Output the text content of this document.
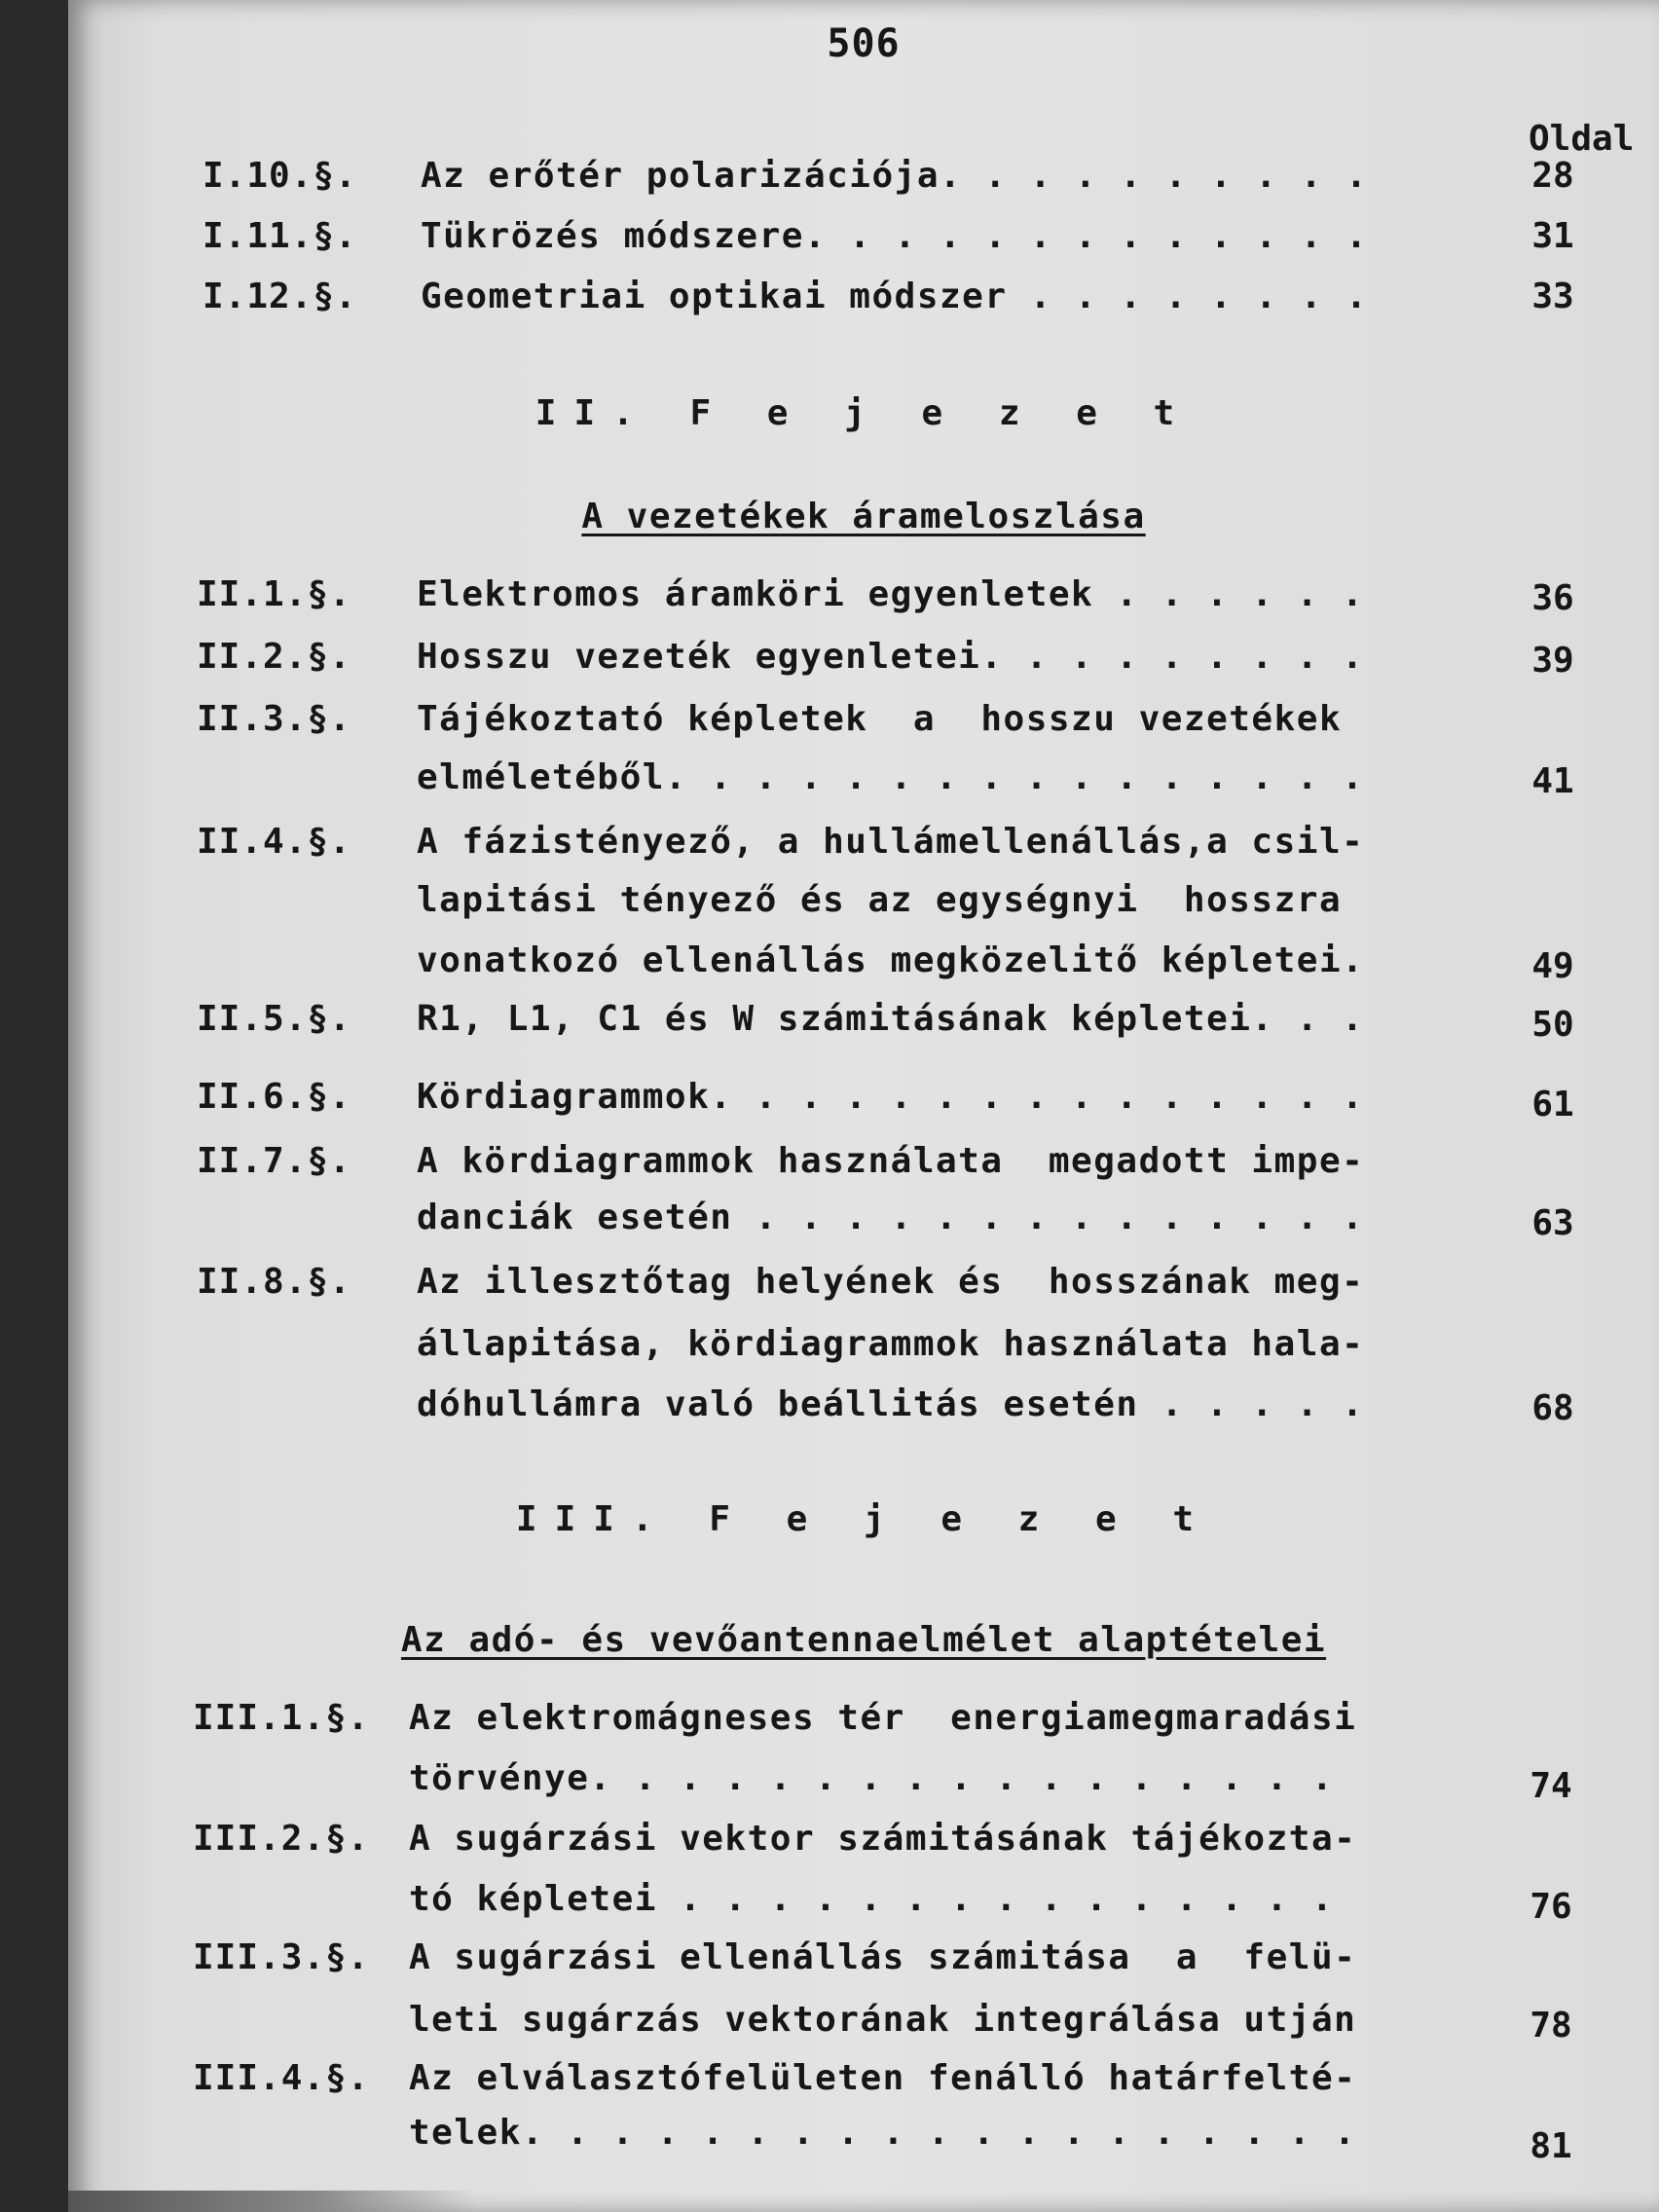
506
Oldal
I.10.§. Az erőtér polarizációja. . . . . . . . . .	28
I.11.§. Tükrözés módszere. . . . . . . . . . . . .	31
I.12.§. Geometriai optikai módszer . . . . . . . .	33
II. F e j e z e t
A vezetékek árameloszlása
II.1.§. Elektromos áramköri egyenletek . . . . . .	36
II.2.§. Hosszu vezeték egyenletei. . . . . . . . .	39
II.3.§. Tájékoztató képletek  a  hosszu vezetékek
elméletéből. . . . . . . . . . . . . . . .	41
II.4.§. A fázistényező, a hullámellenállás,a csil-
lapitási tényező és az egységnyi  hosszra
vonatkozó ellenállás megközelitő képletei.	49
II.5.§. R1, L1, C1 és W számitásának képletei. . .	50
II.6.§. Kördiagrammok. . . . . . . . . . . . . . .	61
II.7.§. A kördiagrammok használata  megadott impe-
danciák esetén . . . . . . . . . . . . . .	63
II.8.§. Az illesztőtag helyének és  hosszának meg-
állapitása, kördiagrammok használata hala-
dóhullámra való beállitás esetén . . . . .	68
III. F e j e z e t
Az adó- és vevőantennaelmélet alaptételei
III.1.§. Az elektromágneses tér  energiamegmaradási
törvénye. . . . . . . . . . . . . . . . .	74
III.2.§. A sugárzási vektor számitásának tájékozta-
tó képletei . . . . . . . . . . . . . . .	76
III.3.§. A sugárzási ellenállás számitása  a  felü-
leti sugárzás vektorának integrálása utján	78
III.4.§. Az elválasztófelületen fenálló határfelté-
telek. . . . . . . . . . . . . . . . . . .	81
